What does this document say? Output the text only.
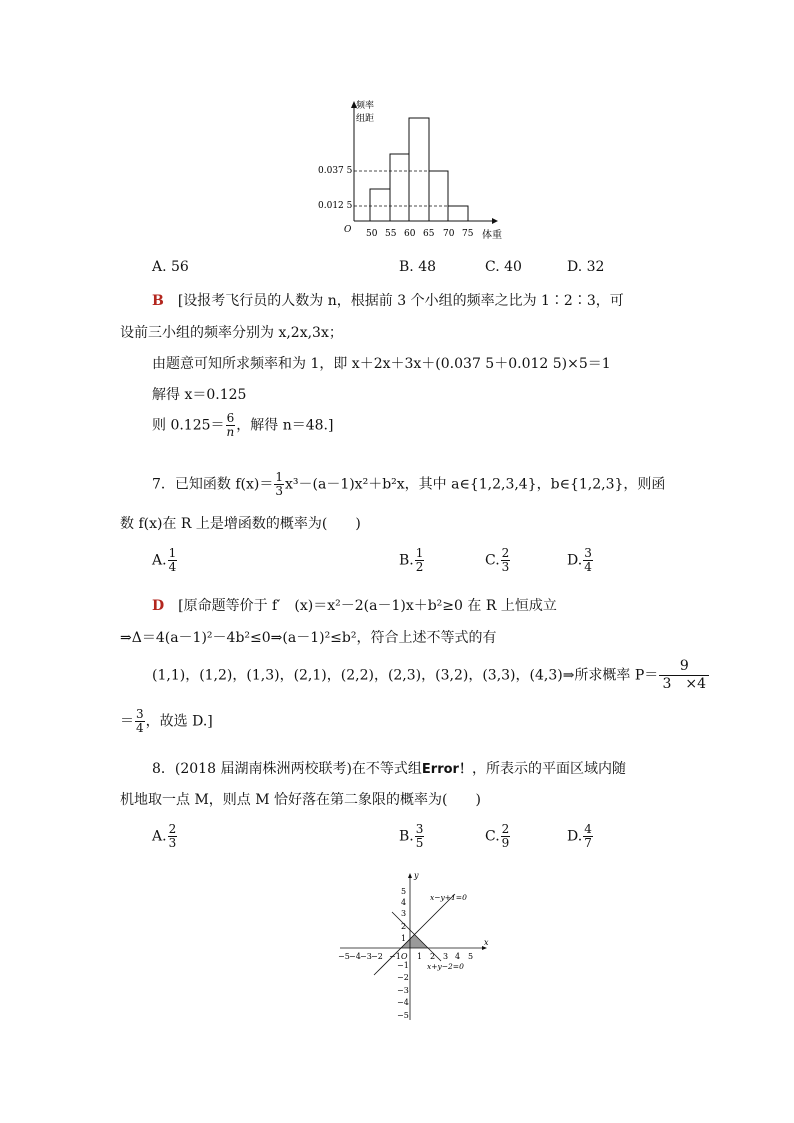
频率
组距
0.037 5
0.012 5
O 50 55 60 65 70 75 体重
A. 56	B. 48	C. 40	D. 32
B　 [设报考飞行员的人数为 n，根据前 3 个小组的频率之比为 1∶2∶3，可
设前三小组的频率分别为 x,2x,3x；
由题意可知所求频率和为 1，即 x＋2x＋3x＋(0.037 5＋0.012 5)×5＝1
解得 x＝0.125
则 $0.125= \frac{6}{n}$ ，解得 n＝48.]
7．已知函数 $f(x)= \frac{1}{3} x^3-(a-1)x^2+b^2x$，其中 a∈{1,2,3,4}，b∈{1,2,3}，则函
数 f(x)在 R 上是增函数的概率为(　　)
A. $\frac{1}{4}$	B. $\frac{1}{2}$	C. $\frac{2}{3}$	D. $\frac{3}{4}$
D　 [原命题等价于 f′　(x)＝x²－2(a－1)x＋b²≥0 在 R 上恒成立
⇒Δ＝4(a－1)²－4b²≤0⇒(a－1)²≤b²，符合上述不等式的有
(1,1)，(1,2)，(1,3)，(2,1)，(2,2)，(2,3)，(3,2)，(3,3)，(4,3)⇒所求概率 $P= \frac{9}{3 \times 4}$
＝ $\frac{3}{4}$ ，故选 D.]
8．(2018 届湖南株洲两校联考)在不等式组Error！，所表示的平面区域内随
机地取一点 M，则点 M 恰好落在第二象限的概率为(　　)
A. $\frac{2}{3}$	B. $\frac{3}{5}$	C. $\frac{2}{9}$	D. $\frac{4}{7}$
x
y
x−y+1=0
x+y−2=0
−5 −4 −3 −2 −1 O 1 2 3 4 5
5
4
3
2
1
−1
−2
−3
−4
−5
